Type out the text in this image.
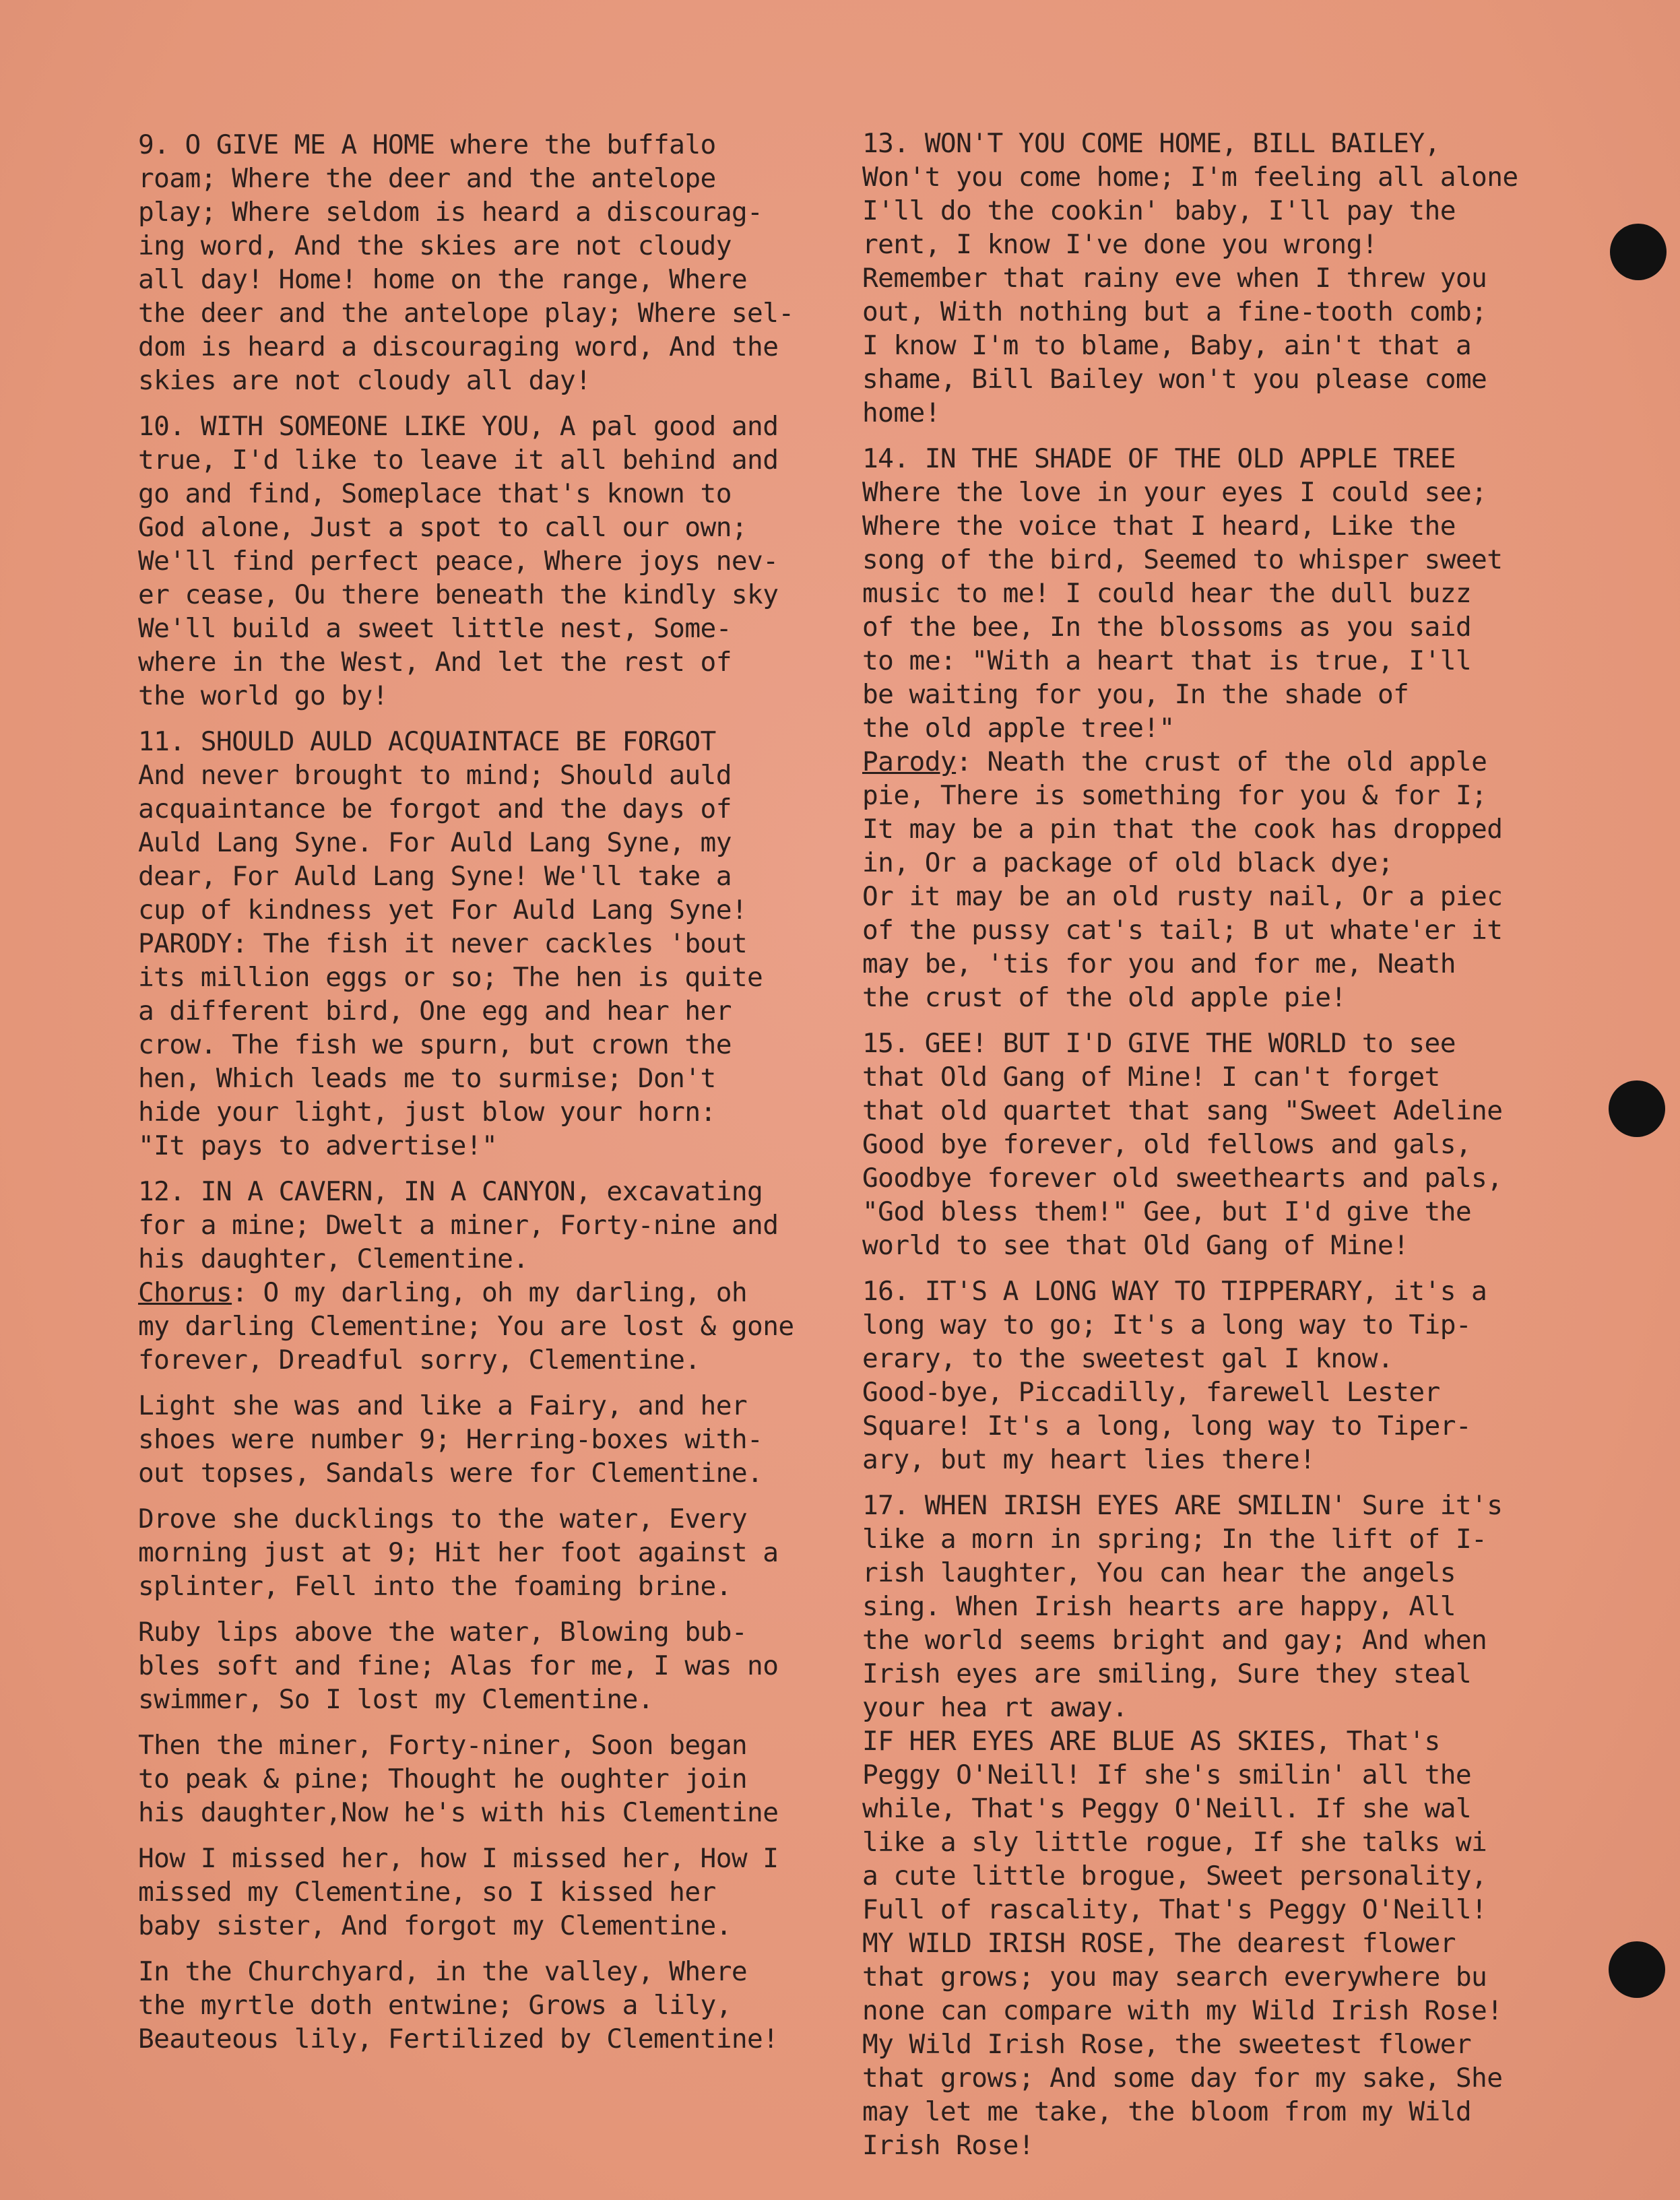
9. O GIVE ME A HOME where the buffalo
roam; Where the deer and the antelope
play; Where seldom is heard a discourag-
ing word, And the skies are not cloudy
all day! Home! home on the range, Where
the deer and the antelope play; Where sel-
dom is heard a discouraging word, And the
skies are not cloudy all day!
10. WITH SOMEONE LIKE YOU, A pal good and
true, I'd like to leave it all behind and
go and find, Someplace that's known to
God alone, Just a spot to call our own;
We'll find perfect peace, Where joys nev-
er cease, Ou there beneath the kindly sky
We'll build a sweet little nest, Some-
where in the West, And let the rest of
the world go by!
11. SHOULD AULD ACQUAINTACE BE FORGOT
And never brought to mind; Should auld
acquaintance be forgot and the days of
Auld Lang Syne. For Auld Lang Syne, my
dear, For Auld Lang Syne! We'll take a
cup of kindness yet For Auld Lang Syne!
PARODY: The fish it never cackles 'bout
its million eggs or so; The hen is quite
a different bird, One egg and hear her
crow. The fish we spurn, but crown the
hen, Which leads me to surmise; Don't
hide your light, just blow your horn:
"It pays to advertise!"
12. IN A CAVERN, IN A CANYON, excavating
for a mine; Dwelt a miner, Forty-nine and
his daughter, Clementine.
Chorus: O my darling, oh my darling, oh
my darling Clementine; You are lost & gone
forever, Dreadful sorry, Clementine.
Light she was and like a Fairy, and her
shoes were number 9; Herring-boxes with-
out topses, Sandals were for Clementine.
Drove she ducklings to the water, Every
morning just at 9; Hit her foot against a
splinter, Fell into the foaming brine.
Ruby lips above the water, Blowing bub-
bles soft and fine; Alas for me, I was no
swimmer, So I lost my Clementine.
Then the miner, Forty-niner, Soon began
to peak & pine; Thought he oughter join
his daughter,Now he's with his Clementine
How I missed her, how I missed her, How I
missed my Clementine, so I kissed her
baby sister, And forgot my Clementine.
In the Churchyard, in the valley, Where
the myrtle doth entwine; Grows a lily,
Beauteous lily, Fertilized by Clementine!
13. WON'T YOU COME HOME, BILL BAILEY,
Won't you come home; I'm feeling all alone
I'll do the cookin' baby, I'll pay the
rent, I know I've done you wrong!
Remember that rainy eve when I threw you
out, With nothing but a fine-tooth comb;
I know I'm to blame, Baby, ain't that a
shame, Bill Bailey won't you please come
home!
14. IN THE SHADE OF THE OLD APPLE TREE
Where the love in your eyes I could see;
Where the voice that I heard, Like the
song of the bird, Seemed to whisper sweet
music to me! I could hear the dull buzz
of the bee, In the blossoms as you said
to me: "With a heart that is true, I'll
be waiting for you, In the shade of
the old apple tree!"
Parody: Neath the crust of the old apple
pie, There is something for you & for I;
It may be a pin that the cook has dropped
in, Or a package of old black dye;
Or it may be an old rusty nail, Or a piec
of the pussy cat's tail; B ut whate'er it
may be, 'tis for you and for me, Neath
the crust of the old apple pie!
15. GEE! BUT I'D GIVE THE WORLD to see
that Old Gang of Mine! I can't forget
that old quartet that sang "Sweet Adeline
Good bye forever, old fellows and gals,
Goodbye forever old sweethearts and pals,
"God bless them!" Gee, but I'd give the
world to see that Old Gang of Mine!
16. IT'S A LONG WAY TO TIPPERARY, it's a
long way to go; It's a long way to Tip-
erary, to the sweetest gal I know.
Good-bye, Piccadilly, farewell Lester
Square! It's a long, long way to Tiper-
ary, but my heart lies there!
17. WHEN IRISH EYES ARE SMILIN' Sure it's
like a morn in spring; In the lift of I-
rish laughter, You can hear the angels
sing. When Irish hearts are happy, All
the world seems bright and gay; And when
Irish eyes are smiling, Sure they steal
your hea rt away.
IF HER EYES ARE BLUE AS SKIES, That's
Peggy O'Neill! If she's smilin' all the
while, That's Peggy O'Neill. If she wal
like a sly little rogue, If she talks wi
a cute little brogue, Sweet personality,
Full of rascality, That's Peggy O'Neill!
MY WILD IRISH ROSE, The dearest flower
that grows; you may search everywhere bu
none can compare with my Wild Irish Rose!
My Wild Irish Rose, the sweetest flower
that grows; And some day for my sake, She
may let me take, the bloom from my Wild
Irish Rose!
